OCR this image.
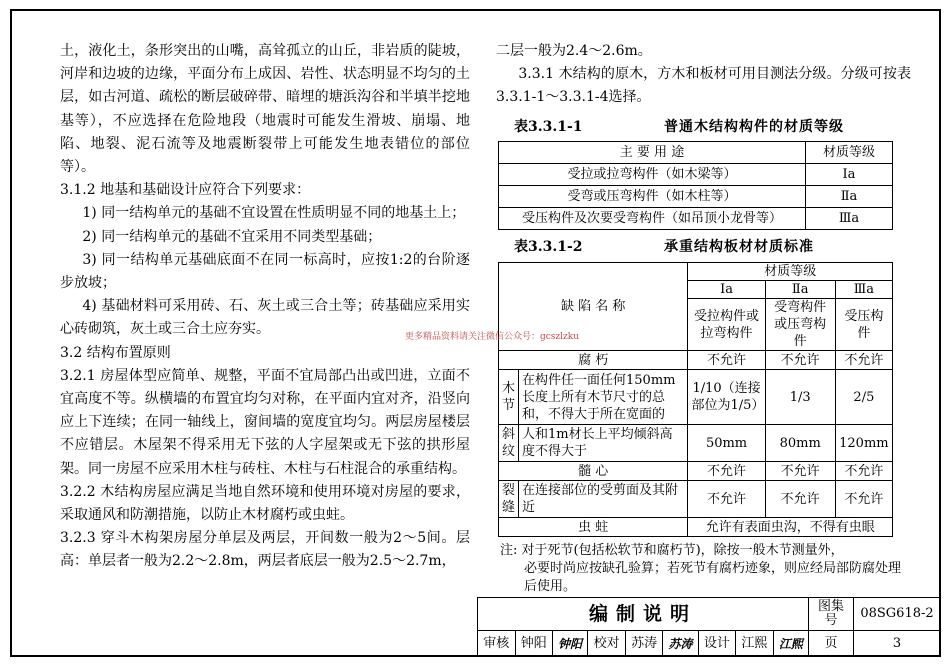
土，液化土，条形突出的山嘴，高耸孤立的山丘，非岩质的陡坡，河岸和边坡的边缘，平面分布上成因、岩性、状态明显不均匀的土层，如古河道、疏松的断层破碎带、暗埋的塘浜沟谷和半填半挖地基等），不应选择在危险地段（地震时可能发生滑坡、崩塌、地陷、地裂、泥石流等及地震断裂带上可能发生地表错位的部位等）。

3.1.2 地基和基础设计应符合下列要求：

1) 同一结构单元的基础不宜设置在性质明显不同的地基土上；

2) 同一结构单元的基础不宜采用不同类型基础；

3) 同一结构单元基础底面不在同一标高时，应按1:2的台阶逐步放坡；

4) 基础材料可采用砖、石、灰土或三合土等；砖基础应采用实心砖砌筑，灰土或三合土应夯实。

3.2 结构布置原则

3.2.1 房屋体型应简单、规整，平面不宜局部凸出或凹进，立面不宜高度不等。纵横墙的布置宜均匀对称，在平面内宜对齐，沿竖向应上下连续；在同一轴线上，窗间墙的宽度宜均匀。两层房屋楼层不应错层。木屋架不得采用无下弦的人字屋架或无下弦的拱形屋架。同一房屋不应采用木柱与砖柱、木柱与石柱混合的承重结构。

3.2.2 木结构房屋应满足当地自然环境和使用环境对房屋的要求，采取通风和防潮措施，以防止木材腐朽或虫蛀。

3.2.3 穿斗木构架房屋分单层及两层，开间数一般为2～5间。层高：单层者一般为2.2～2.8m，两层者底层一般为2.5～2.7m，

二层一般为2.4～2.6m。

3.3.1 木结构的原木，方木和板材可用目测法分级。分级可按表3.3.1-1～3.3.1-4选择。

表3.3.1-1	普通木结构构件的材质等级
主 要 用 途	材质等级
受拉或拉弯构件（如木梁等）	Ⅰa
受弯或压弯构件（如木柱等）	Ⅱa
受压构件及次要受弯构件（如吊顶小龙骨等）	Ⅲa
表3.3.1-2	承重结构板材材质标准
缺 陷 名 称		材质等级		
		Ⅰa	Ⅱa	Ⅲa
		受拉构件或拉弯构件	受弯构件或压弯构件	受压构件
腐 朽		不允许	不允许	不允许
木节	在构件任一面任何150mm长度上所有木节尺寸的总和，不得大于所在宽面的	1/10（连接部位为1/5）	1/3	2/5
斜纹	人和1m材长上平均倾斜高度不得大于	50mm	80mm	120mm
髓 心		不允许	不允许	不允许
裂缝	在连接部位的受剪面及其附近	不允许	不允许	不允许
虫 蛀		允许有表面虫沟，不得有虫眼		
注: 对于死节(包括松软节和腐朽节)，除按一般木节测量外，
必要时尚应按缺孔验算；若死节有腐朽迹象，则应经局部防腐处理后使用。
更多精品资料请关注微信公众号：gcszlzku
编制说明									图集号	08SG618-2
审核	钟阳	钟阳	校对	苏涛	苏涛	设计	江熙	江熙	页	3
